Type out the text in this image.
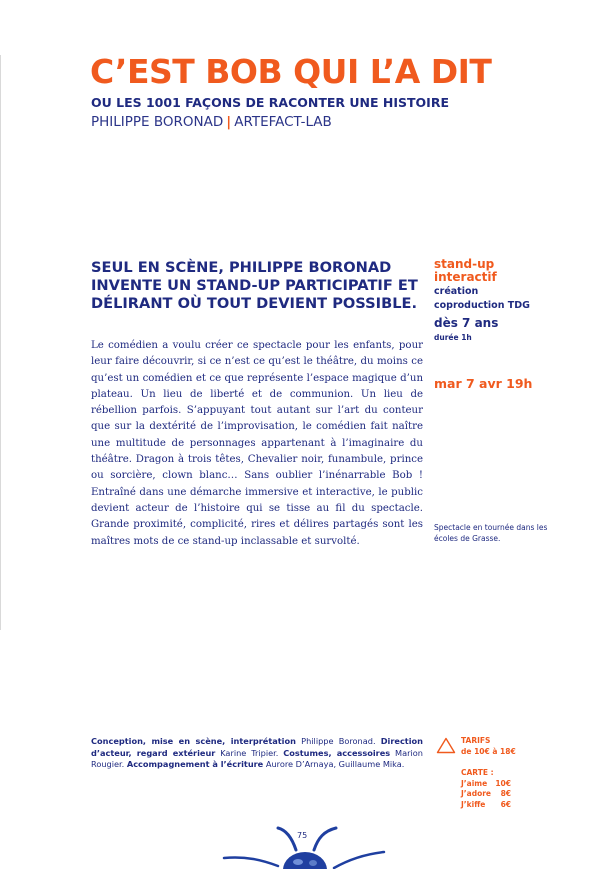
C’EST BOB QUI L’A DIT
OU LES 1001 FAÇONS DE RACONTER UNE HISTOIRE
PHILIPPE BORONAD | ARTEFACT-LAB

SEUL EN SCÈNE, PHILIPPE BORONAD INVENTE UN STAND-UP PARTICIPATIF ET DÉLIRANT OÙ TOUT DEVIENT POSSIBLE.

Le comédien a voulu créer ce spectacle pour les enfants, pour leur faire découvrir, si ce n’est ce qu’est le théâtre, du moins ce qu’est un comédien et ce que représente l’espace magique d’un plateau. Un lieu de liberté et de communion. Un lieu de rébellion parfois. S’appuyant tout autant sur l’art du conteur que sur la dextérité de l’improvisation, le comédien fait naître une multitude de personnages appartenant à l’imaginaire du théâtre. Dragon à trois têtes, Chevalier noir, funambule, prince ou sorcière, clown blanc… Sans oublier l’inénarrable Bob ! Entraîné dans une démarche immersive et interactive, le public devient acteur de l’histoire qui se tisse au fil du spectacle. Grande proximité, complicité, rires et délires partagés sont les maîtres mots de ce stand-up inclassable et survolté.

stand-up
interactif
création
coproduction TDG
dès 7 ans
durée 1h
mar 7 avr 19h
Spectacle en tournée dans les écoles de Grasse.

Conception, mise en scène, interprétation Philippe Boronad. Direction d’acteur, regard extérieur Karine Tripier. Costumes, accessoires Marion Rougier. Accompagnement à l’écriture Aurore D’Arnaya, Guillaume Mika.

TARIFS
de 10€ à 18€
CARTE :
J’aime	10€
J’adore	8€
J’kiffe	6€
75
